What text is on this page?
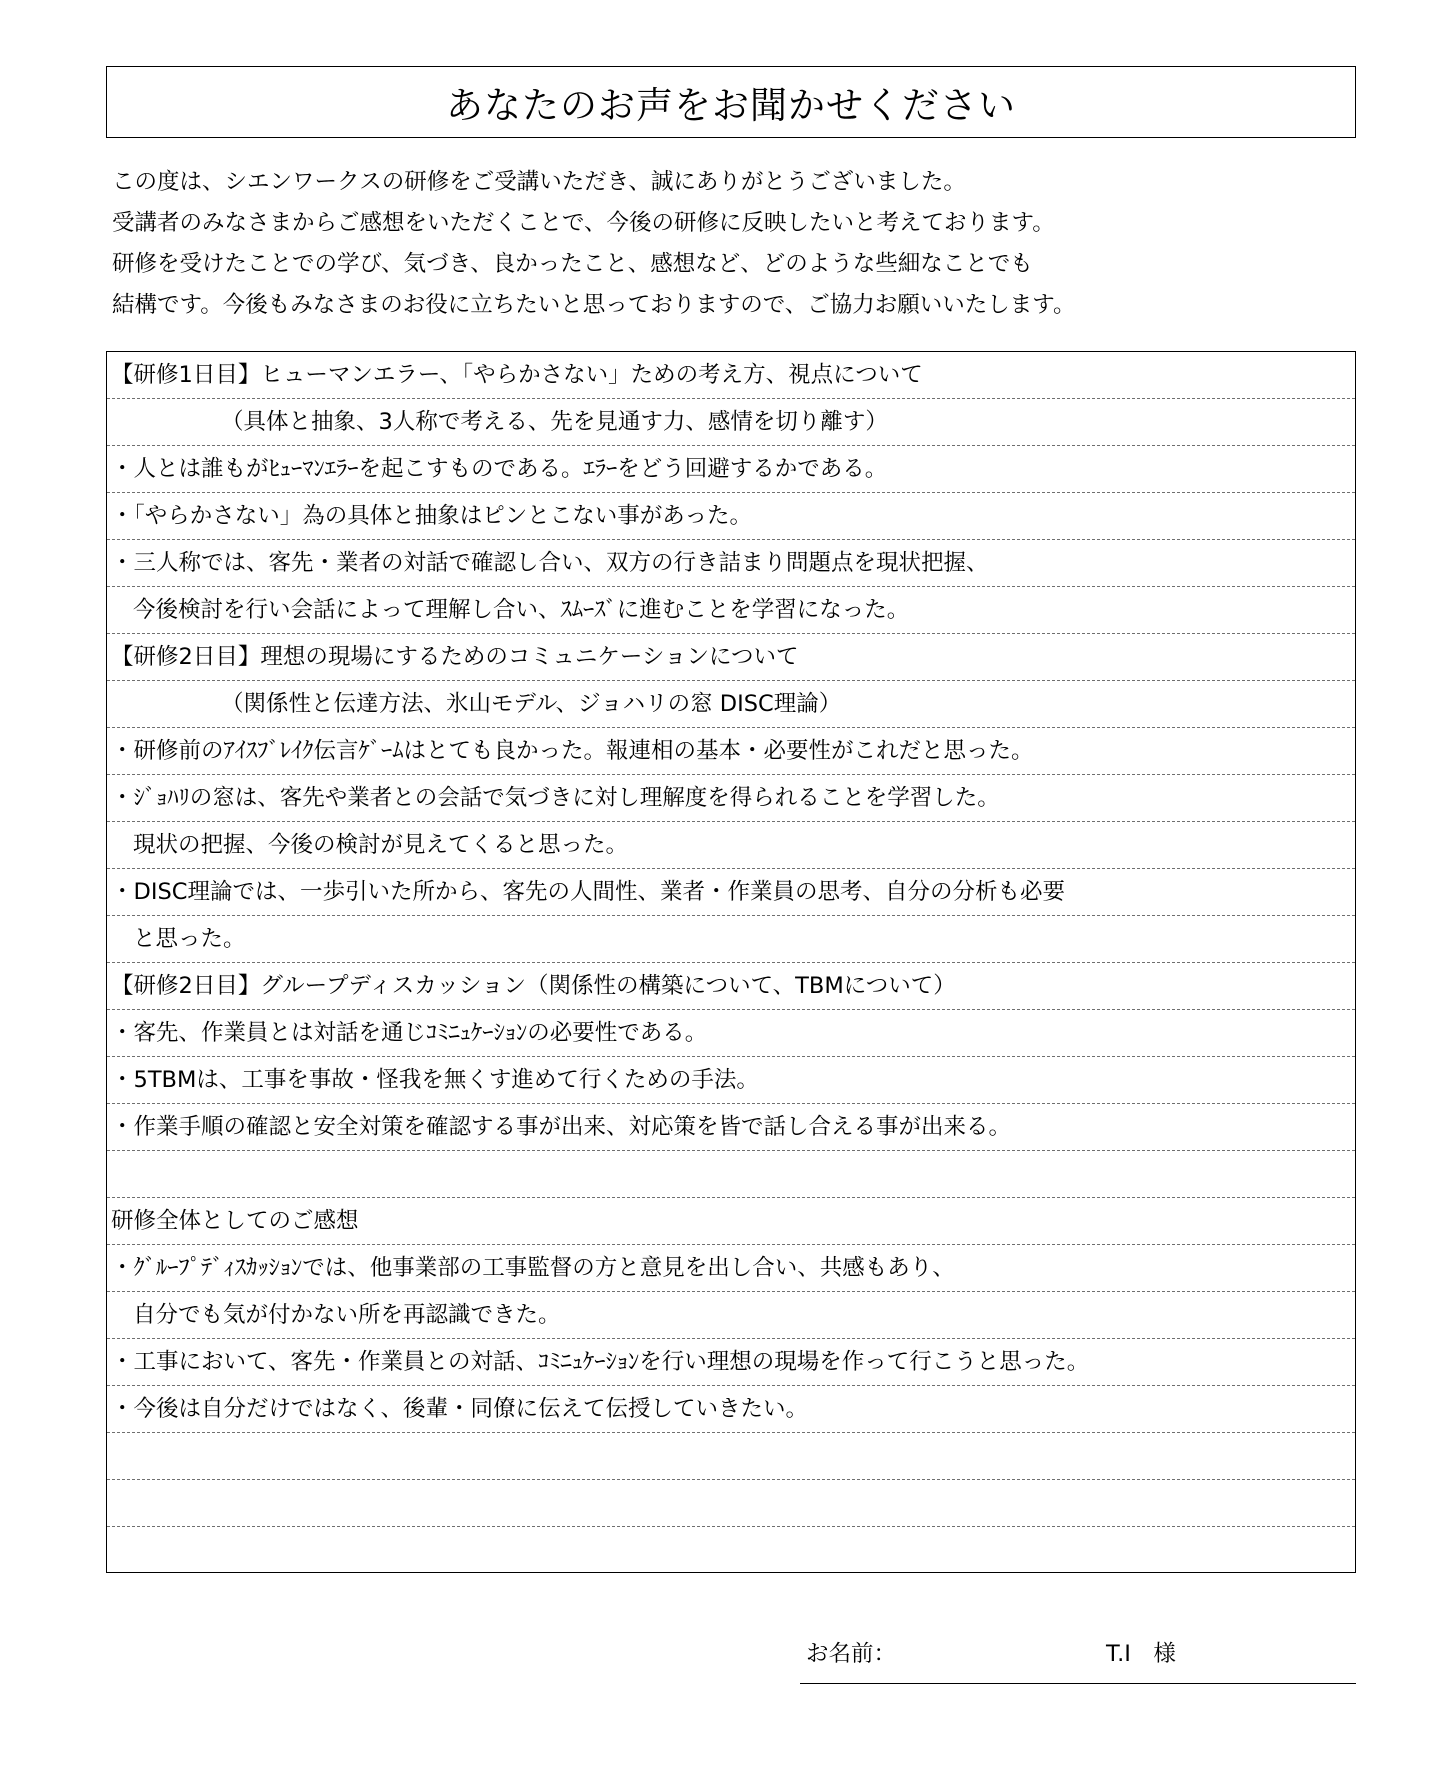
あなたのお声をお聞かせください

この度は、シエンワークスの研修をご受講いただき、誠にありがとうございました。

受講者のみなさまからご感想をいただくことで、今後の研修に反映したいと考えております。

研修を受けたことでの学び、気づき、良かったこと、感想など、どのような些細なことでも

結構です。今後もみなさまのお役に立ちたいと思っておりますので、ご協力お願いいたします。

【研修1日目】ヒューマンエラー、「やらかさない」ための考え方、視点について
（具体と抽象、3人称で考える、先を見通す力、感情を切り離す）
・人とは誰もがﾋｭｰﾏﾝｴﾗｰを起こすものである。ｴﾗｰをどう回避するかである。
・「やらかさない」為の具体と抽象はピンとこない事があった。
・三人称では、客先・業者の対話で確認し合い、双方の行き詰まり問題点を現状把握、
今後検討を行い会話によって理解し合い、ｽﾑｰｽﾞに進むことを学習になった。
【研修2日目】理想の現場にするためのコミュニケーションについて
（関係性と伝達方法、氷山モデル、ジョハリの窓 DISC理論）
・研修前のｱｲｽﾌﾞﾚｲｸ伝言ｹﾞｰﾑはとても良かった。報連相の基本・必要性がこれだと思った。
・ｼﾞｮﾊﾘの窓は、客先や業者との会話で気づきに対し理解度を得られることを学習した。
現状の把握、今後の検討が見えてくると思った。
・DISC理論では、一歩引いた所から、客先の人間性、業者・作業員の思考、自分の分析も必要
と思った。
【研修2日目】グループディスカッション（関係性の構築について、TBMについて）
・客先、作業員とは対話を通じｺﾐﾆｭｹｰｼｮﾝの必要性である。
・5TBMは、工事を事故・怪我を無くす進めて行くための手法。
・作業手順の確認と安全対策を確認する事が出来、対応策を皆で話し合える事が出来る。
研修全体としてのご感想
・ｸﾞﾙｰﾌﾟﾃﾞｨｽｶｯｼｮﾝでは、他事業部の工事監督の方と意見を出し合い、共感もあり、
自分でも気が付かない所を再認識できた。
・工事において、客先・作業員との対話、ｺﾐﾆｭｹｰｼｮﾝを行い理想の現場を作って行こうと思った。
・今後は自分だけではなく、後輩・同僚に伝えて伝授していきたい。
お名前：	T.I　様
